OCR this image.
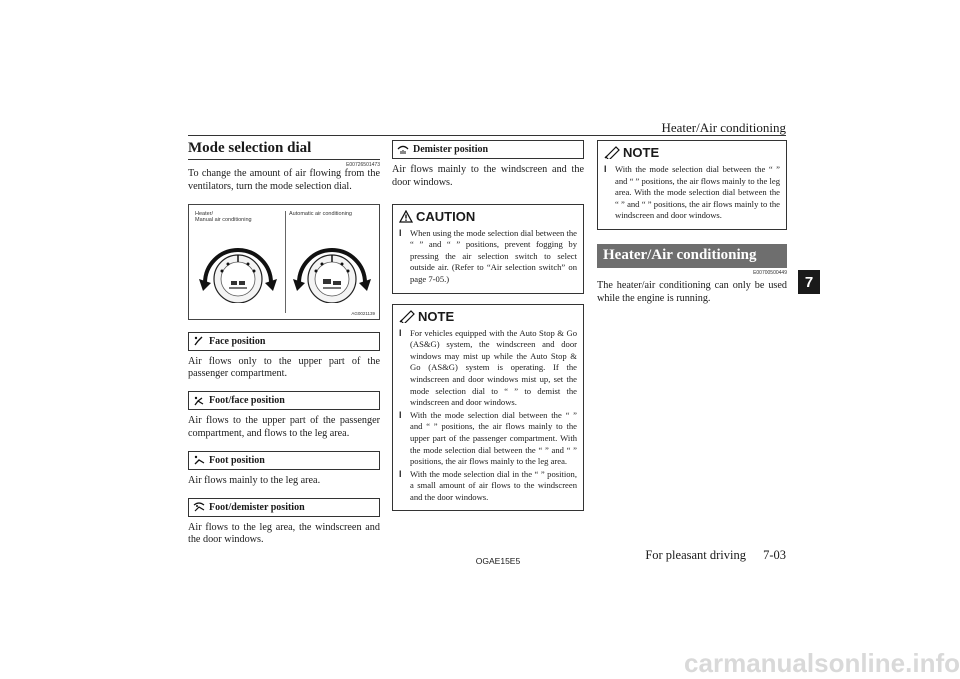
Heater/Air conditioning
7
Mode selection dial
E00726501473
To change the amount of air flowing from the ventilators, turn the mode selection dial.
Heater/
Manual air conditioning
Automatic air conditioning
AG0021139
Face position
Air flows only to the upper part of the passenger compartment.
Foot/face position
Air flows to the upper part of the passenger compartment, and flows to the leg area.
Foot position
Air flows mainly to the leg area.
Foot/demister position
Air flows to the leg area, the windscreen and the door windows.
Demister position
Air flows mainly to the windscreen and the door windows.
CAUTION
l When using the mode selection dial between the “ ” and “ ” positions, prevent fogging by pressing the air selection switch to select outside air. (Refer to “Air selection switch” on page 7-05.)
NOTE
l For vehicles equipped with the Auto Stop & Go (AS&G) system, the windscreen and door windows may mist up while the Auto Stop & Go (AS&G) system is operating. If the windscreen and door windows mist up, set the mode selection dial to “ ” to demist the windscreen and door windows.
l With the mode selection dial between the “ ” and “ ” positions, the air flows mainly to the upper part of the passenger compartment. With the mode selection dial between the “ ” and “ ” positions, the air flows mainly to the leg area.
l With the mode selection dial in the “ ” position, a small amount of air flows to the windscreen and the door windows.
NOTE
l With the mode selection dial between the “ ” and “ ” positions, the air flows mainly to the leg area. With the mode selection dial between the “ ” and “ ” positions, the air flows mainly to the windscreen and door windows.
Heater/Air conditioning
E00700500449
The heater/air conditioning can only be used while the engine is running.
OGAE15E5	For pleasant driving	7-03
carmanualsonline.info
